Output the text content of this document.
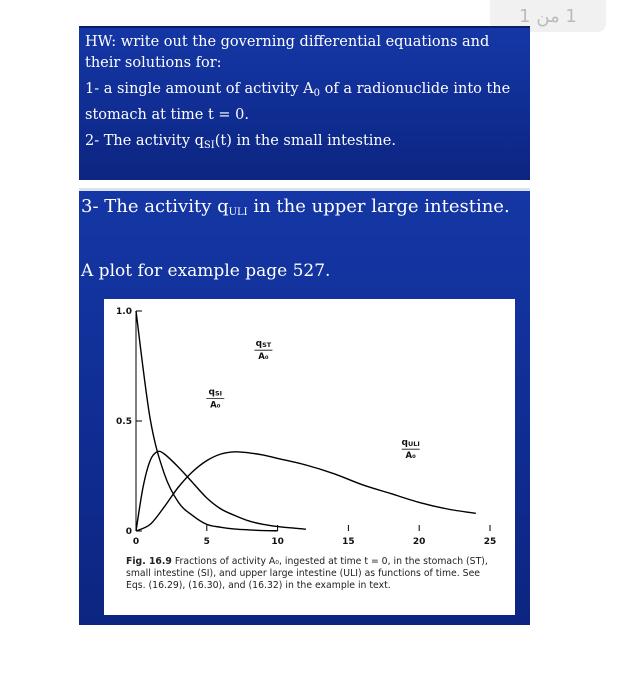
1 من 1

HW: write out the governing differential equations and their solutions for:

1- a single amount of activity $A_0$ of a radionuclide into the stomach at time t = 0.

2- The activity $q_{SI}(t)$ in the small intestine.

3- The activity $q_{ULI}$ in the upper large intestine.
A plot for example page 527.
0	5	10	15	20	25
0
0.5
1.0
qST
A₀
qSI
A₀
qULI
A₀
Fig. 16.9 Fractions of activity A₀, ingested at time t = 0, in the stomach (ST), small intestine (SI), and upper large intestine (ULI) as functions of time. See Eqs. (16.29), (16.30), and (16.32) in the example in text.
